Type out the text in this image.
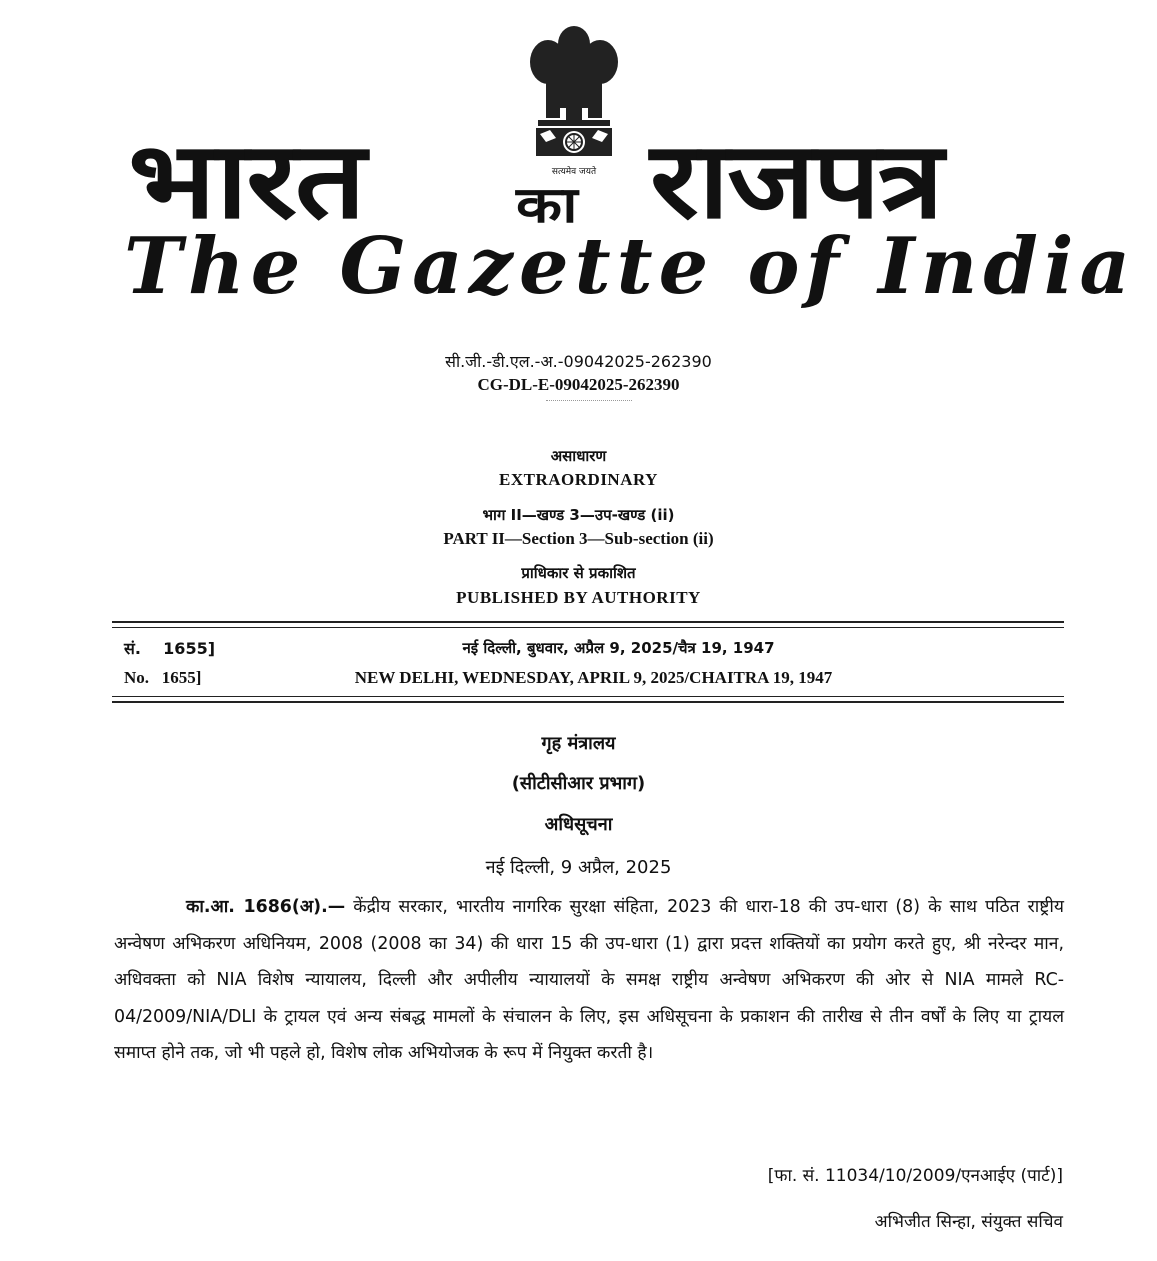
भारत	का राजपत्र
सत्यमेव जयते
The Gazette of India
सी.जी.-डी.एल.-अ.-09042025-262390
CG-DL-E-09042025-262390
असाधारण
EXTRAORDINARY
भाग II—खण्ड 3—उप-खण्ड (ii)
PART II—Section 3—Sub-section (ii)
प्राधिकार से प्रकाशित
PUBLISHED BY AUTHORITY
सं.    1655]
No.   1655]
नई दिल्ली, बुधवार, अप्रैल 9, 2025/चैत्र 19, 1947
NEW DELHI, WEDNESDAY, APRIL 9, 2025/CHAITRA 19, 1947
गृह मंत्रालय
(सीटीसीआर प्रभाग)
अधिसूचना
नई दिल्ली, 9 अप्रैल, 2025
का.आ. 1686(अ).— केंद्रीय सरकार, भारतीय नागरिक सुरक्षा संहिता, 2023 की धारा-18 की उप-धारा (8) के साथ पठित राष्ट्रीय अन्वेषण अभिकरण अधिनियम, 2008 (2008 का 34) की धारा 15 की उप-धारा (1) द्वारा प्रदत्त शक्तियों का प्रयोग करते हुए, श्री नरेन्दर मान, अधिवक्ता को NIA विशेष न्यायालय, दिल्ली और अपीलीय न्यायालयों के समक्ष राष्ट्रीय अन्वेषण अभिकरण की ओर से NIA मामले RC-04/2009/NIA/DLI के ट्रायल एवं अन्य संबद्ध मामलों के संचालन के लिए, इस अधिसूचना के प्रकाशन की तारीख से तीन वर्षों के लिए या ट्रायल समाप्त होने तक, जो भी पहले हो, विशेष लोक अभियोजक के रूप में नियुक्त करती है।
[फा. सं. 11034/10/2009/एनआईए (पार्ट)]
अभिजीत सिन्हा, संयुक्त सचिव
